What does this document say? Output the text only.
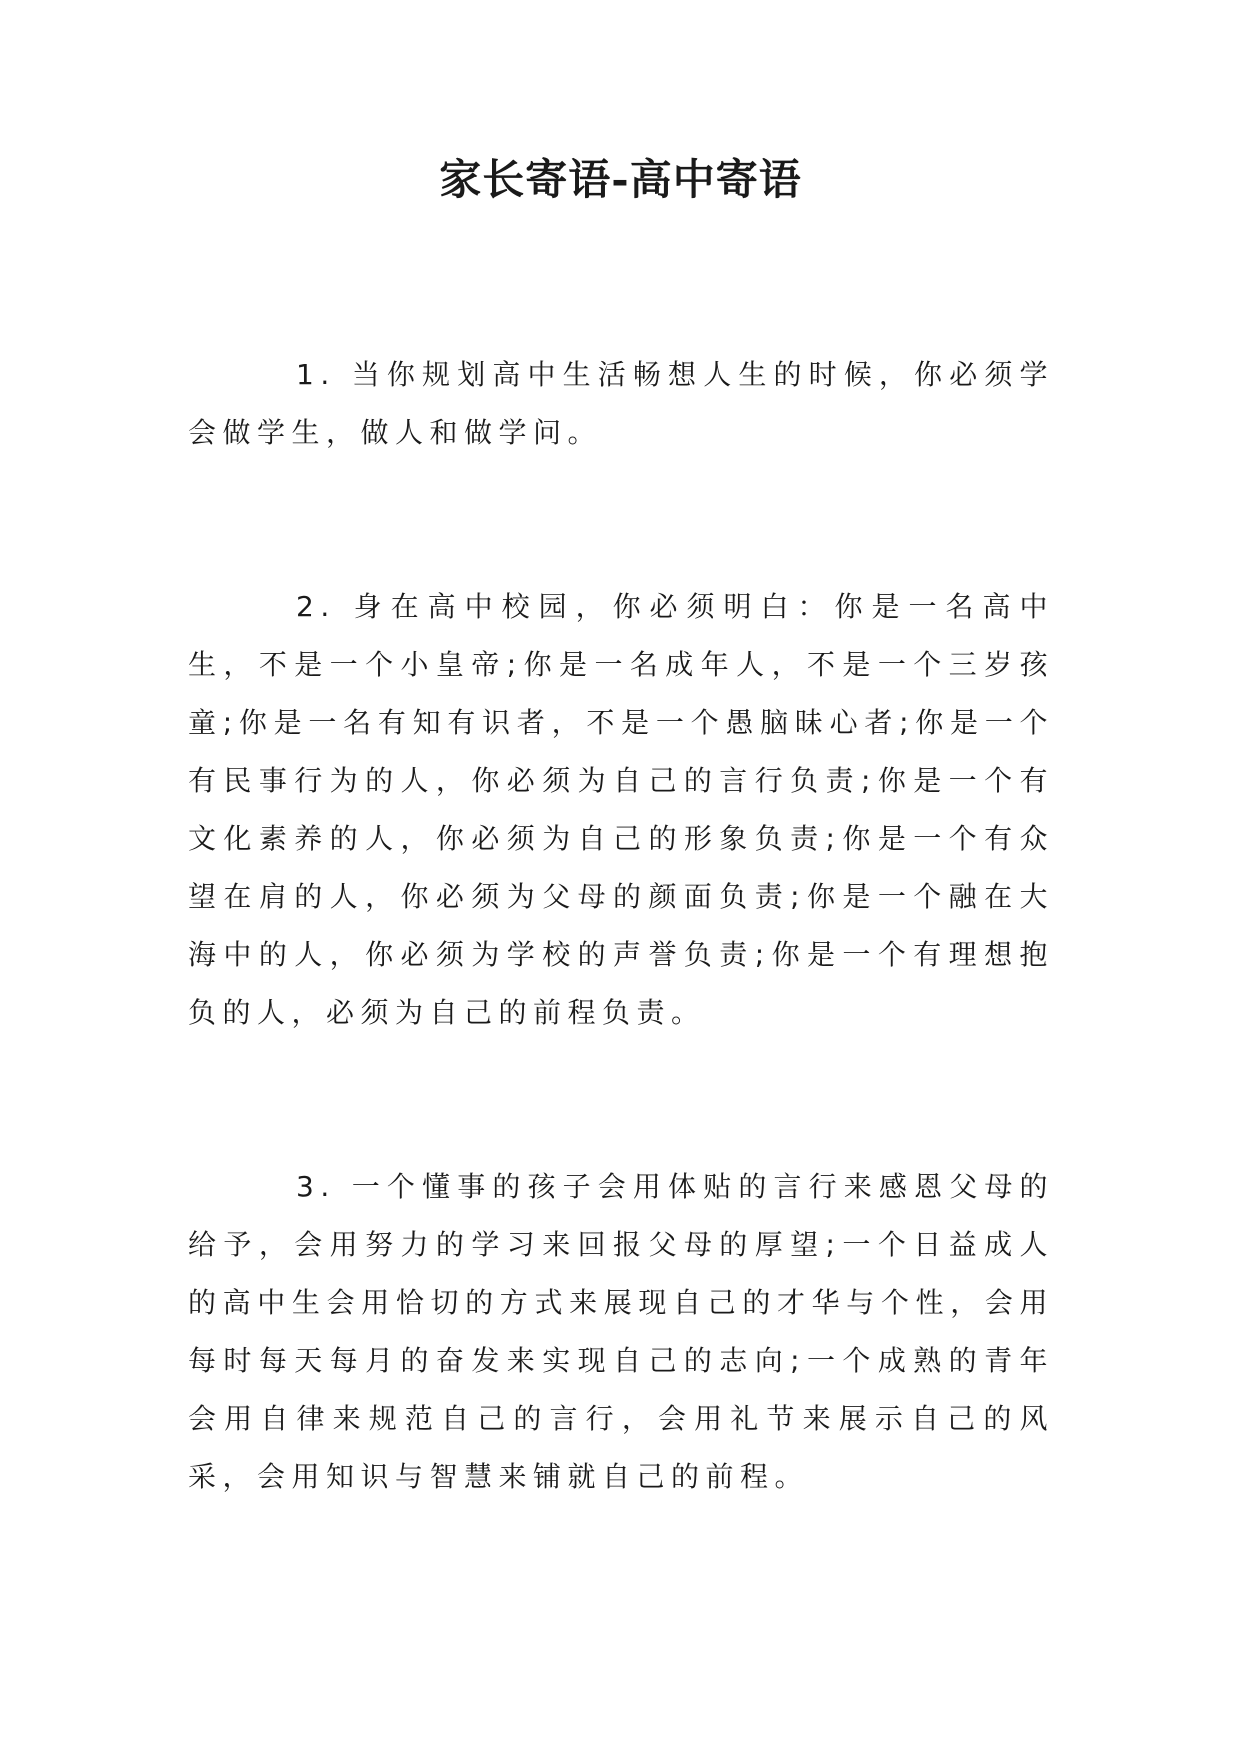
家长寄语-高中寄语

1. 当你规划高中生活畅想人生的时候，你必须学会做学生，做人和做学问。

2. 身在高中校园，你必须明白：你是一名高中生，不是一个小皇帝;你是一名成年人，不是一个三岁孩童;你是一名有知有识者，不是一个愚脑昧心者;你是一个有民事行为的人，你必须为自己的言行负责;你是一个有文化素养的人，你必须为自己的形象负责;你是一个有众望在肩的人，你必须为父母的颜面负责;你是一个融在大海中的人，你必须为学校的声誉负责;你是一个有理想抱负的人，必须为自己的前程负责。

3. 一个懂事的孩子会用体贴的言行来感恩父母的给予，会用努力的学习来回报父母的厚望;一个日益成人的高中生会用恰切的方式来展现自己的才华与个性，会用每时每天每月的奋发来实现自己的志向;一个成熟的青年会用自律来规范自己的言行，会用礼节来展示自己的风采，会用知识与智慧来铺就自己的前程。
